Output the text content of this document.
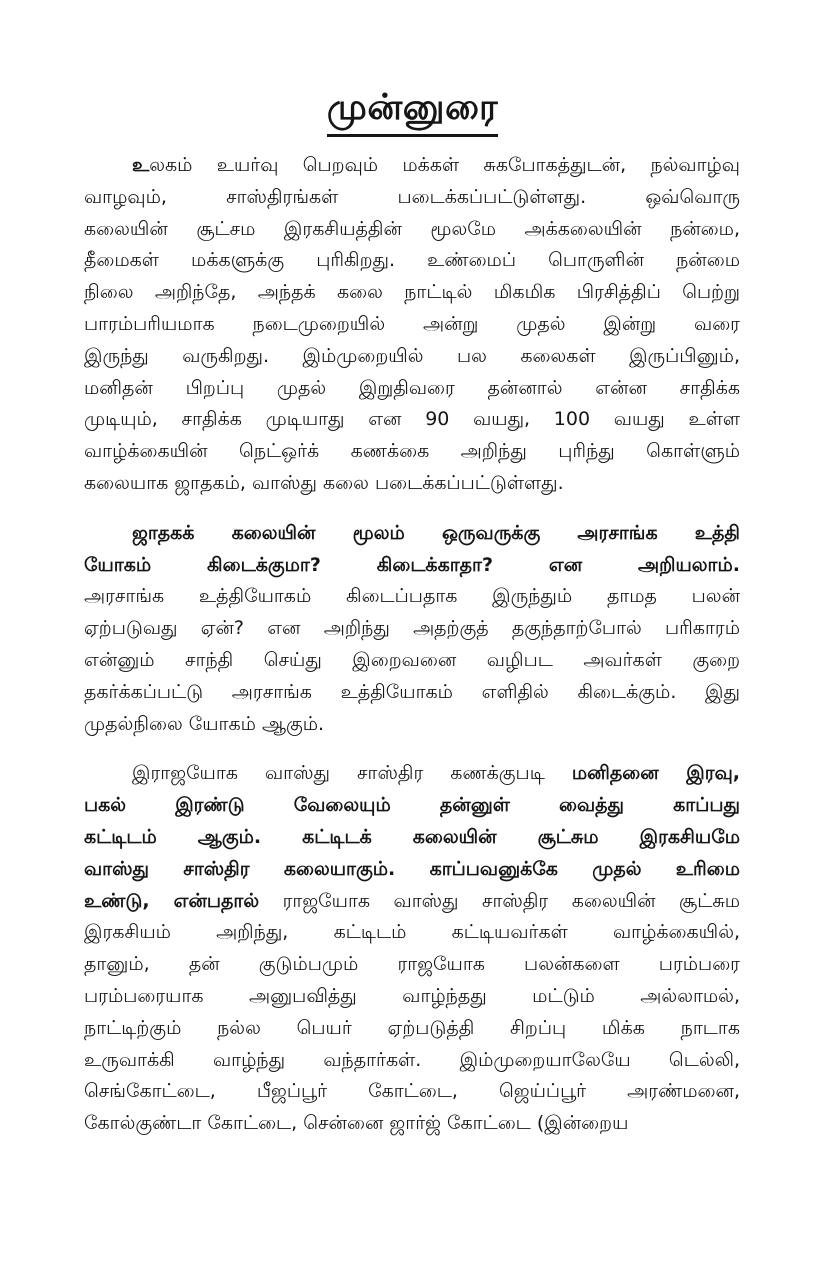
முன்னுரை
உலகம் உயர்வு பெறவும் மக்கள் சுகபோகத்துடன், நல்வாழ்வு
வாழவும், சாஸ்திரங்கள் படைக்கப்பட்டுள்ளது. ஒவ்வொரு
கலையின் சூட்சம இரகசியத்தின் மூலமே அக்கலையின் நன்மை,
தீமைகள் மக்களுக்கு புரிகிறது. உண்மைப் பொருளின் நன்மை
நிலை அறிந்தே, அந்தக் கலை நாட்டில் மிகமிக பிரசித்திப் பெற்று
பாரம்பரியமாக நடைமுறையில் அன்று முதல் இன்று வரை
இருந்து வருகிறது. இம்முறையில் பல கலைகள் இருப்பினும்,
மனிதன் பிறப்பு முதல் இறுதிவரை தன்னால் என்ன சாதிக்க
முடியும், சாதிக்க முடியாது என 90 வயது, 100 வயது உள்ள
வாழ்க்கையின் நெட்ஒர்க் கணக்கை அறிந்து புரிந்து கொள்ளும்
கலையாக ஜாதகம், வாஸ்து கலை படைக்கப்பட்டுள்ளது.
ஜாதகக் கலையின் மூலம் ஒருவருக்கு அரசாங்க உத்தி
யோகம் கிடைக்குமா? கிடைக்காதா? என அறியலாம்.
அரசாங்க உத்தியோகம் கிடைப்பதாக இருந்தும் தாமத பலன்
ஏற்படுவது ஏன்? என அறிந்து அதற்குத் தகுந்தாற்போல் பரிகாரம்
என்னும் சாந்தி செய்து இறைவனை வழிபட அவர்கள் குறை
தகர்க்கப்பட்டு அரசாங்க உத்தியோகம் எளிதில் கிடைக்கும். இது
முதல்நிலை யோகம் ஆகும்.
இராஜயோக வாஸ்து சாஸ்திர கணக்குபடி மனிதனை இரவு,
பகல் இரண்டு வேலையும் தன்னுள் வைத்து காப்பது
கட்டிடம் ஆகும். கட்டிடக் கலையின் சூட்சும இரகசியமே
வாஸ்து சாஸ்திர கலையாகும். காப்பவனுக்கே முதல் உரிமை
உண்டு, என்பதால் ராஜயோக வாஸ்து சாஸ்திர கலையின் சூட்சும
இரகசியம் அறிந்து, கட்டிடம் கட்டியவர்கள் வாழ்க்கையில்,
தானும், தன் குடும்பமும் ராஜயோக பலன்களை பரம்பரை
பரம்பரையாக அனுபவித்து வாழ்ந்தது மட்டும் அல்லாமல்,
நாட்டிற்கும் நல்ல பெயர் ஏற்படுத்தி சிறப்பு மிக்க நாடாக
உருவாக்கி வாழ்ந்து வந்தார்கள். இம்முறையாலேயே டெல்லி,
செங்கோட்டை, பீஜப்பூர் கோட்டை, ஜெய்ப்பூர் அரண்மனை,
கோல்குண்டா கோட்டை, சென்னை ஜார்ஜ் கோட்டை (இன்றைய
